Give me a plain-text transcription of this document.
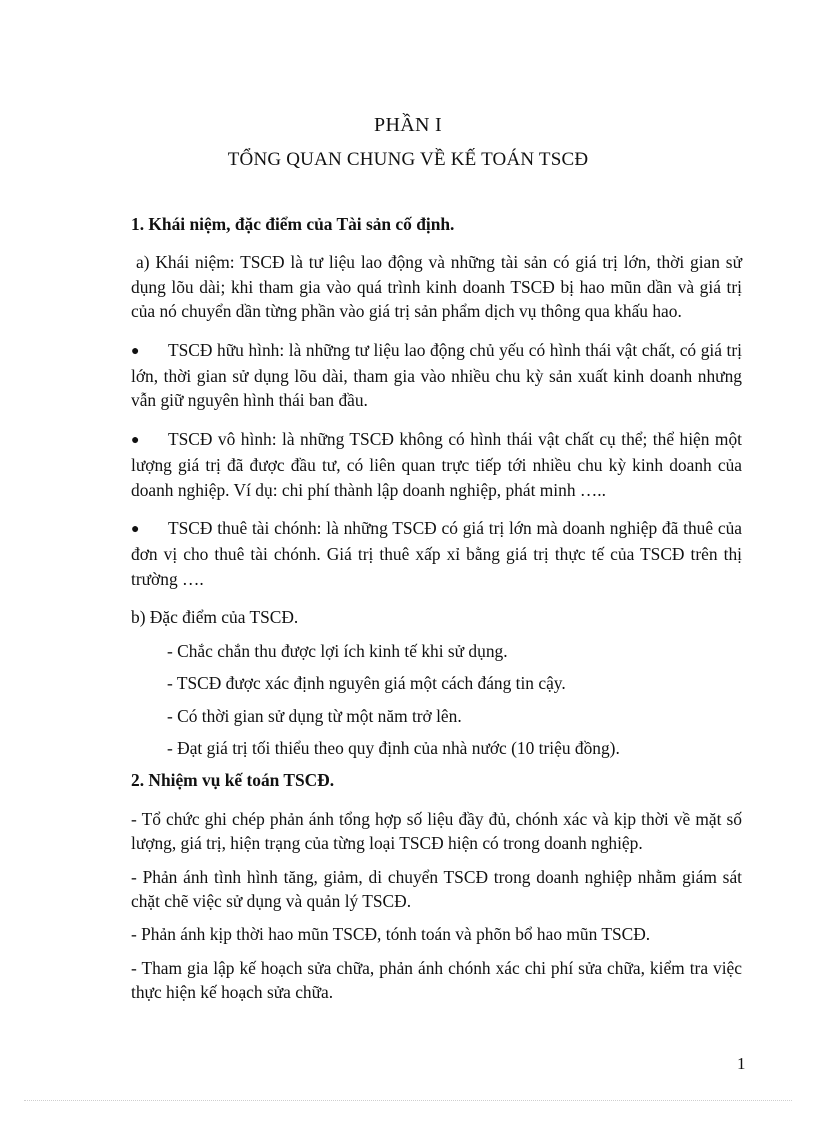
PHẦN I
TỔNG QUAN CHUNG VỀ KẾ TOÁN TSCĐ

1. Khái niệm, đặc điểm của Tài sản cố định.

a) Khái niệm: TSCĐ là tư liệu lao động và những tài sản có giá trị lớn, thời gian sử dụng lõu dài; khi tham gia vào quá trình kinh doanh TSCĐ bị hao mũn dần và giá trị của nó chuyển dần từng phần vào giá trị sản phẩm dịch vụ thông qua khấu hao.

● TSCĐ hữu hình: là những tư liệu lao động chủ yếu có hình thái vật chất, có giá trị lớn, thời gian sử dụng lõu dài, tham gia vào nhiều chu kỳ sản xuất kinh doanh nhưng vẫn giữ nguyên hình thái ban đầu.

● TSCĐ vô hình: là những TSCĐ không có hình thái vật chất cụ thể; thể hiện một lượng giá trị đã được đầu tư, có liên quan trực tiếp tới nhiều chu kỳ kinh doanh của doanh nghiệp. Ví dụ: chi phí thành lập doanh nghiệp, phát minh …..

● TSCĐ thuê tài chónh: là những TSCĐ có giá trị lớn mà doanh nghiệp đã thuê của đơn vị cho thuê tài chónh. Giá trị thuê xấp xỉ bằng giá trị thực tế của TSCĐ trên thị trường ….

b) Đặc điểm của TSCĐ.

- Chắc chắn thu được lợi ích kinh tế khi sử dụng.

- TSCĐ được xác định nguyên giá một cách đáng tin cậy.

- Có thời gian sử dụng từ một năm trở lên.

- Đạt giá trị tối thiểu theo quy định của nhà nước (10 triệu đồng).

2. Nhiệm vụ kế toán TSCĐ.

- Tổ chức ghi chép phản ánh tổng hợp số liệu đầy đủ, chónh xác và kịp thời về mặt số lượng, giá trị, hiện trạng của từng loại TSCĐ hiện có trong doanh nghiệp.

- Phản ánh tình hình tăng, giảm, di chuyển TSCĐ trong doanh nghiệp nhằm giám sát chặt chẽ việc sử dụng và quản lý TSCĐ.

- Phản ánh kịp thời hao mũn TSCĐ, tónh toán và phõn bổ hao mũn TSCĐ.

- Tham gia lập kế hoạch sửa chữa, phản ánh chónh xác chi phí sửa chữa, kiểm tra việc thực hiện kế hoạch sửa chữa.

1
